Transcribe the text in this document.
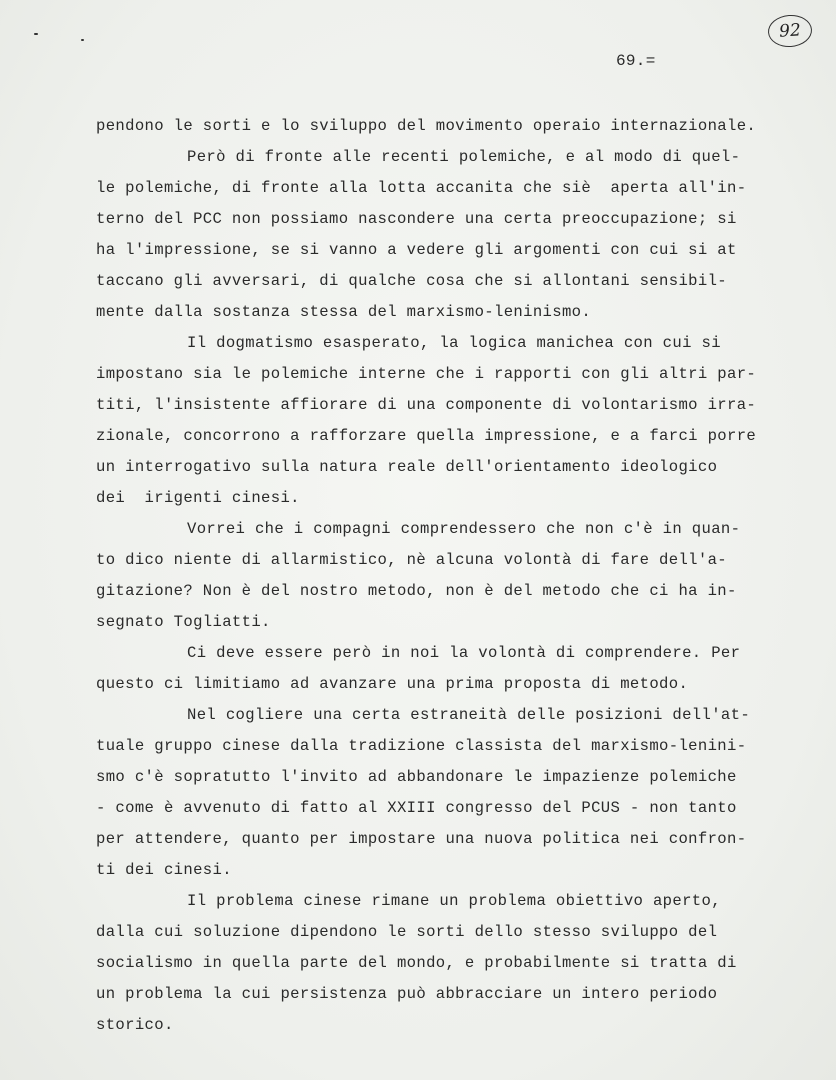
92
69.=
pendono le sorti e lo sviluppo del movimento operaio internazionale.
Però di fronte alle recenti polemiche, e al modo di quel-
le polemiche, di fronte alla lotta accanita che siè  aperta all'in-
terno del PCC non possiamo nascondere una certa preoccupazione; si
ha l'impressione, se si vanno a vedere gli argomenti con cui si at
taccano gli avversari, di qualche cosa che si allontani sensibil-
mente dalla sostanza stessa del marxismo-leninismo.
Il dogmatismo esasperato, la logica manichea con cui si
impostano sia le polemiche interne che i rapporti con gli altri par-
titi, l'insistente affiorare di una componente di volontarismo irra-
zionale, concorrono a rafforzare quella impressione, e a farci porre
un interrogativo sulla natura reale dell'orientamento ideologico
dei  irigenti cinesi.
Vorrei che i compagni comprendessero che non c'è in quan-
to dico niente di allarmistico, nè alcuna volontà di fare dell'a-
gitazione? Non è del nostro metodo, non è del metodo che ci ha in-
segnato Togliatti.
Ci deve essere però in noi la volontà di comprendere. Per
questo ci limitiamo ad avanzare una prima proposta di metodo.
Nel cogliere una certa estraneità delle posizioni dell'at-
tuale gruppo cinese dalla tradizione classista del marxismo-lenini-
smo c'è sopratutto l'invito ad abbandonare le impazienze polemiche
- come è avvenuto di fatto al XXIII congresso del PCUS - non tanto
per attendere, quanto per impostare una nuova politica nei confron-
ti dei cinesi.
Il problema cinese rimane un problema obiettivo aperto,
dalla cui soluzione dipendono le sorti dello stesso sviluppo del
socialismo in quella parte del mondo, e probabilmente si tratta di
un problema la cui persistenza può abbracciare un intero periodo
storico.
